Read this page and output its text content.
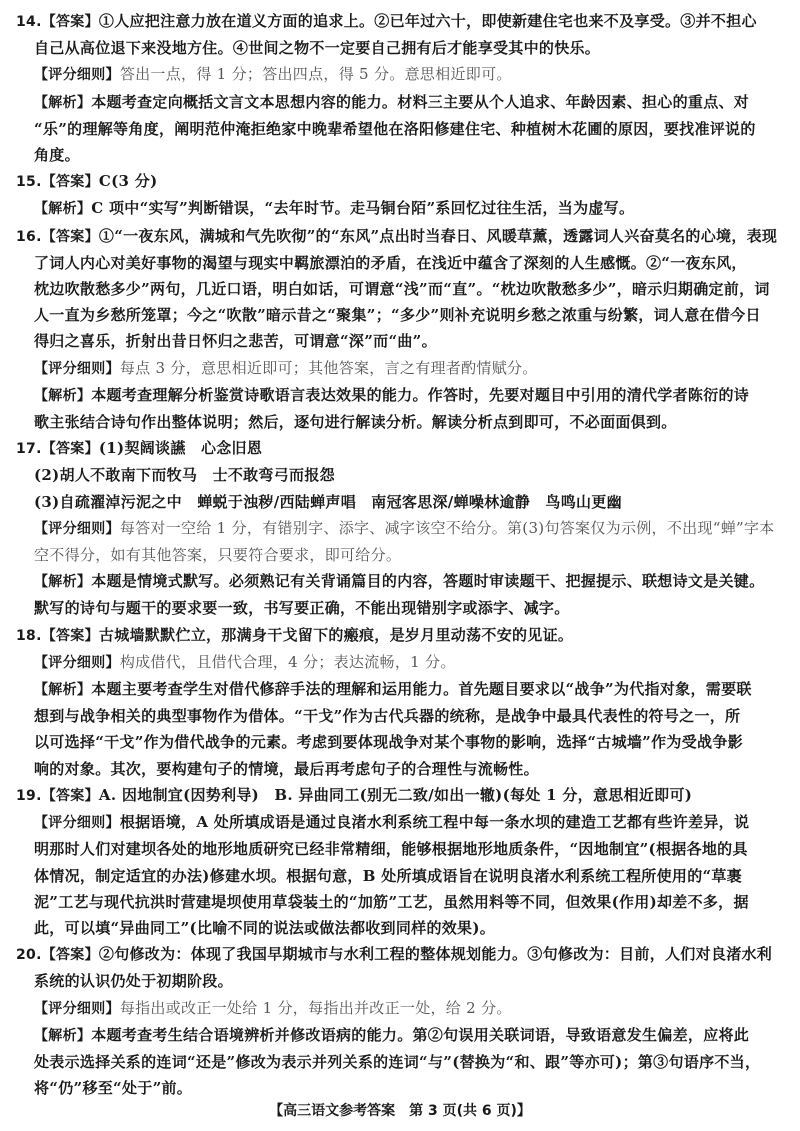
14.【答案】①人应把注意力放在道义方面的追求上。②已年过六十，即使新建住宅也来不及享受。③并不担心
自己从高位退下来没地方住。④世间之物不一定要自己拥有后才能享受其中的快乐。
【评分细则】答出一点，得 1 分；答出四点，得 5 分。意思相近即可。
【解析】本题考查定向概括文言文本思想内容的能力。材料三主要从个人追求、年龄因素、担心的重点、对
“乐”的理解等角度，阐明范仲淹拒绝家中晚辈希望他在洛阳修建住宅、种植树木花圃的原因，要找准评说的
角度。
15.【答案】C(3 分)
【解析】C 项中“实写”判断错误，“去年时节。走马铜台陌”系回忆过往生活，当为虚写。
16.【答案】①“一夜东风，满城和气先吹彻”的“东风”点出时当春日、风暖草薰，透露词人兴奋莫名的心境，表现
了词人内心对美好事物的渴望与现实中羁旅漂泊的矛盾，在浅近中蕴含了深刻的人生感慨。②“一夜东风，
枕边吹散愁多少”两句，几近口语，明白如话，可谓意“浅”而“直”。“枕边吹散愁多少”，暗示归期确定前，词
人一直为乡愁所笼罩；今之“吹散”暗示昔之“聚集”；“多少”则补充说明乡愁之浓重与纷繁，词人意在借今日
得归之喜乐，折射出昔日怀归之悲苦，可谓意“深”而“曲”。
【评分细则】每点 3 分，意思相近即可；其他答案，言之有理者酌情赋分。
【解析】本题考查理解分析鉴赏诗歌语言表达效果的能力。作答时，先要对题目中引用的清代学者陈衍的诗
歌主张结合诗句作出整体说明；然后，逐句进行解读分析。解读分析点到即可，不必面面俱到。
17.【答案】(1)契阔谈讌　心念旧恩
(2)胡人不敢南下而牧马　士不敢弯弓而报怨
(3)自疏濯淖污泥之中　蝉蜕于浊秽/西陆蝉声唱　南冠客思深/蝉噪林逾静　鸟鸣山更幽
【评分细则】每答对一空给 1 分，有错别字、添字、减字该空不给分。第(3)句答案仅为示例，不出现“蝉”字本
空不得分，如有其他答案，只要符合要求，即可给分。
【解析】本题是情境式默写。必须熟记有关背诵篇目的内容，答题时审读题干、把握提示、联想诗文是关键。
默写的诗句与题干的要求要一致，书写要正确，不能出现错别字或添字、减字。
18.【答案】古城墙默默伫立，那满身干戈留下的瘢痕，是岁月里动荡不安的见证。
【评分细则】构成借代，且借代合理，4 分；表达流畅，1 分。
【解析】本题主要考查学生对借代修辞手法的理解和运用能力。首先题目要求以“战争”为代指对象，需要联
想到与战争相关的典型事物作为借体。“干戈”作为古代兵器的统称，是战争中最具代表性的符号之一，所
以可选择“干戈”作为借代战争的元素。考虑到要体现战争对某个事物的影响，选择“古城墙”作为受战争影
响的对象。其次，要构建句子的情境，最后再考虑句子的合理性与流畅性。
19.【答案】A. 因地制宜(因势利导)　B. 异曲同工(别无二致/如出一辙)(每处 1 分，意思相近即可)
【评分细则】根据语境，A 处所填成语是通过良渚水利系统工程中每一条水坝的建造工艺都有些许差异，说
明那时人们对建坝各处的地形地质研究已经非常精细，能够根据地形地质条件，“因地制宜”(根据各地的具
体情况，制定适宜的办法)修建水坝。根据句意，B 处所填成语旨在说明良渚水利系统工程所使用的“草裹
泥”工艺与现代抗洪时营建堤坝使用草袋装土的“加筋”工艺，虽然用料等不同，但效果(作用)却差不多，据
此，可以填“异曲同工”(比喻不同的说法或做法都收到同样的效果)。
20.【答案】②句修改为：体现了我国早期城市与水利工程的整体规划能力。③句修改为：目前，人们对良渚水利
系统的认识仍处于初期阶段。
【评分细则】每指出或改正一处给 1 分，每指出并改正一处，给 2 分。
【解析】本题考查考生结合语境辨析并修改语病的能力。第②句误用关联词语，导致语意发生偏差，应将此
处表示选择关系的连词“还是”修改为表示并列关系的连词“与”(替换为“和、跟”等亦可)；第③句语序不当，
将“仍”移至“处于”前。
【高三语文参考答案　第 3 页(共 6 页)】
